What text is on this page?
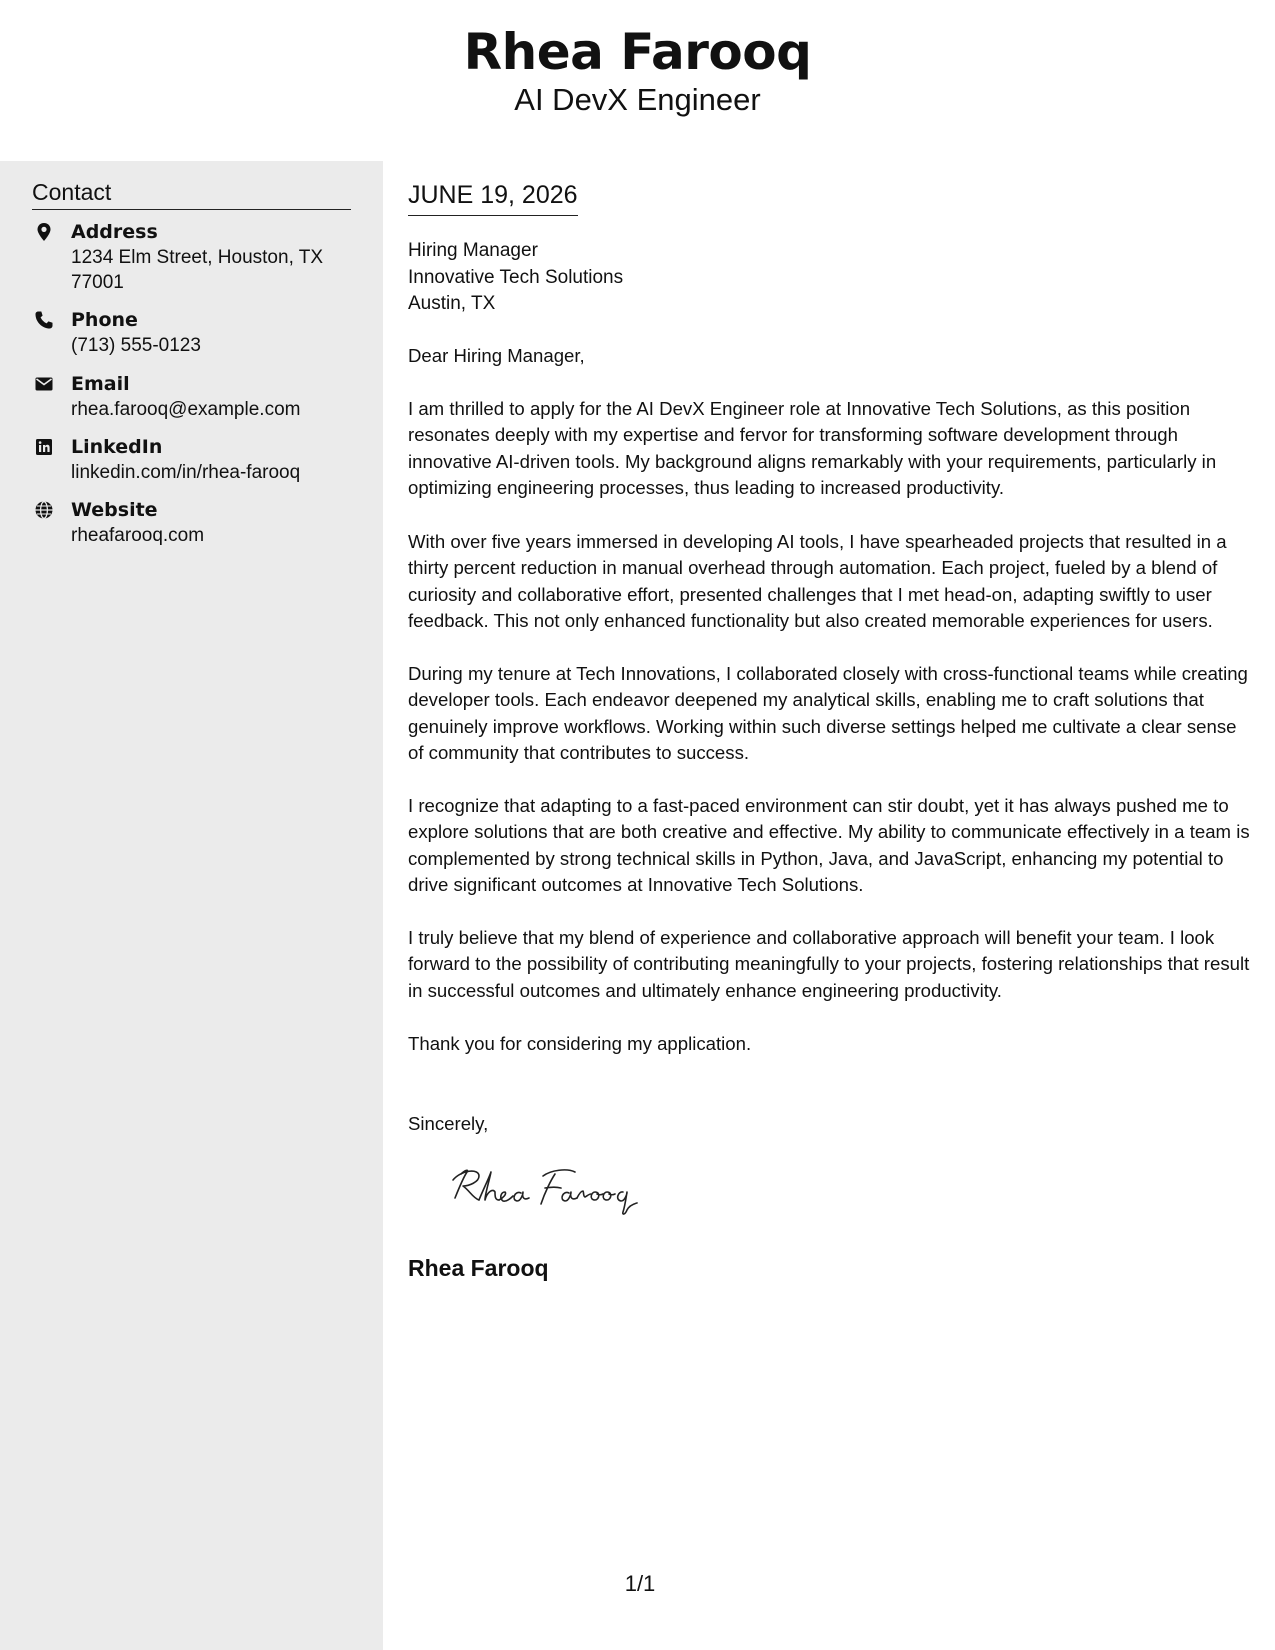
Rhea Farooq
AI DevX Engineer
Contact
Address
1234 Elm Street, Houston, TX 77001
Phone
(713) 555-0123
Email
rhea.farooq@example.com
LinkedIn
linkedin.com/in/rhea-farooq
Website
rheafarooq.com
JUNE 19, 2026
Hiring Manager
Innovative Tech Solutions
Austin, TX

Dear Hiring Manager,

I am thrilled to apply for the AI DevX Engineer role at Innovative Tech Solutions, as this position resonates deeply with my expertise and fervor for transforming software development through innovative AI-driven tools. My background aligns remarkably with your requirements, particularly in optimizing engineering processes, thus leading to increased productivity.

With over five years immersed in developing AI tools, I have spearheaded projects that resulted in a thirty percent reduction in manual overhead through automation. Each project, fueled by a blend of curiosity and collaborative effort, presented challenges that I met head-on, adapting swiftly to user feedback. This not only enhanced functionality but also created memorable experiences for users.

During my tenure at Tech Innovations, I collaborated closely with cross-functional teams while creating developer tools. Each endeavor deepened my analytical skills, enabling me to craft solutions that genuinely improve workflows. Working within such diverse settings helped me cultivate a clear sense of community that contributes to success.

I recognize that adapting to a fast-paced environment can stir doubt, yet it has always pushed me to explore solutions that are both creative and effective. My ability to communicate effectively in a team is complemented by strong technical skills in Python, Java, and JavaScript, enhancing my potential to drive significant outcomes at Innovative Tech Solutions.

I truly believe that my blend of experience and collaborative approach will benefit your team. I look forward to the possibility of contributing meaningfully to your projects, fostering relationships that result in successful outcomes and ultimately enhance engineering productivity.

Thank you for considering my application.

Sincerely,

Rhea Farooq
1/1
